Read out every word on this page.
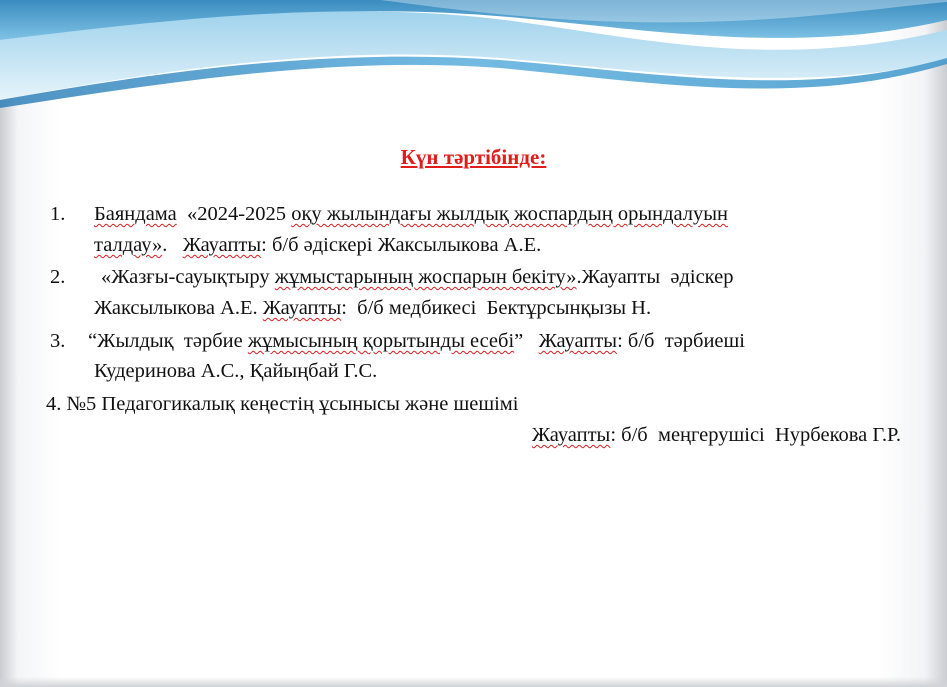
Күн тәртібінде:
1. Баяндама  «2024-2025 оқу жылындағы жылдық жоспардың орындалуын
талдау».   Жауапты: б/б әдіскері Жаксылыкова А.Е.
2. «Жазғы-сауықтыру жұмыстарының жоспарын бекіту».Жауапты  әдіскер
Жаксылыкова А.Е. Жауапты:  б/б медбикесі  Бектұрсынқызы Н.
3. “Жылдық  тәрбие жұмысының қорытынды есебі”   Жауапты: б/б  тәрбиеші
Кудеринова А.С., Қайыңбай Г.С.
4. №5 Педагогикалық кеңестің ұсынысы және шешімі
Жауапты: б/б  меңгерушісі  Нурбекова Г.Р.
